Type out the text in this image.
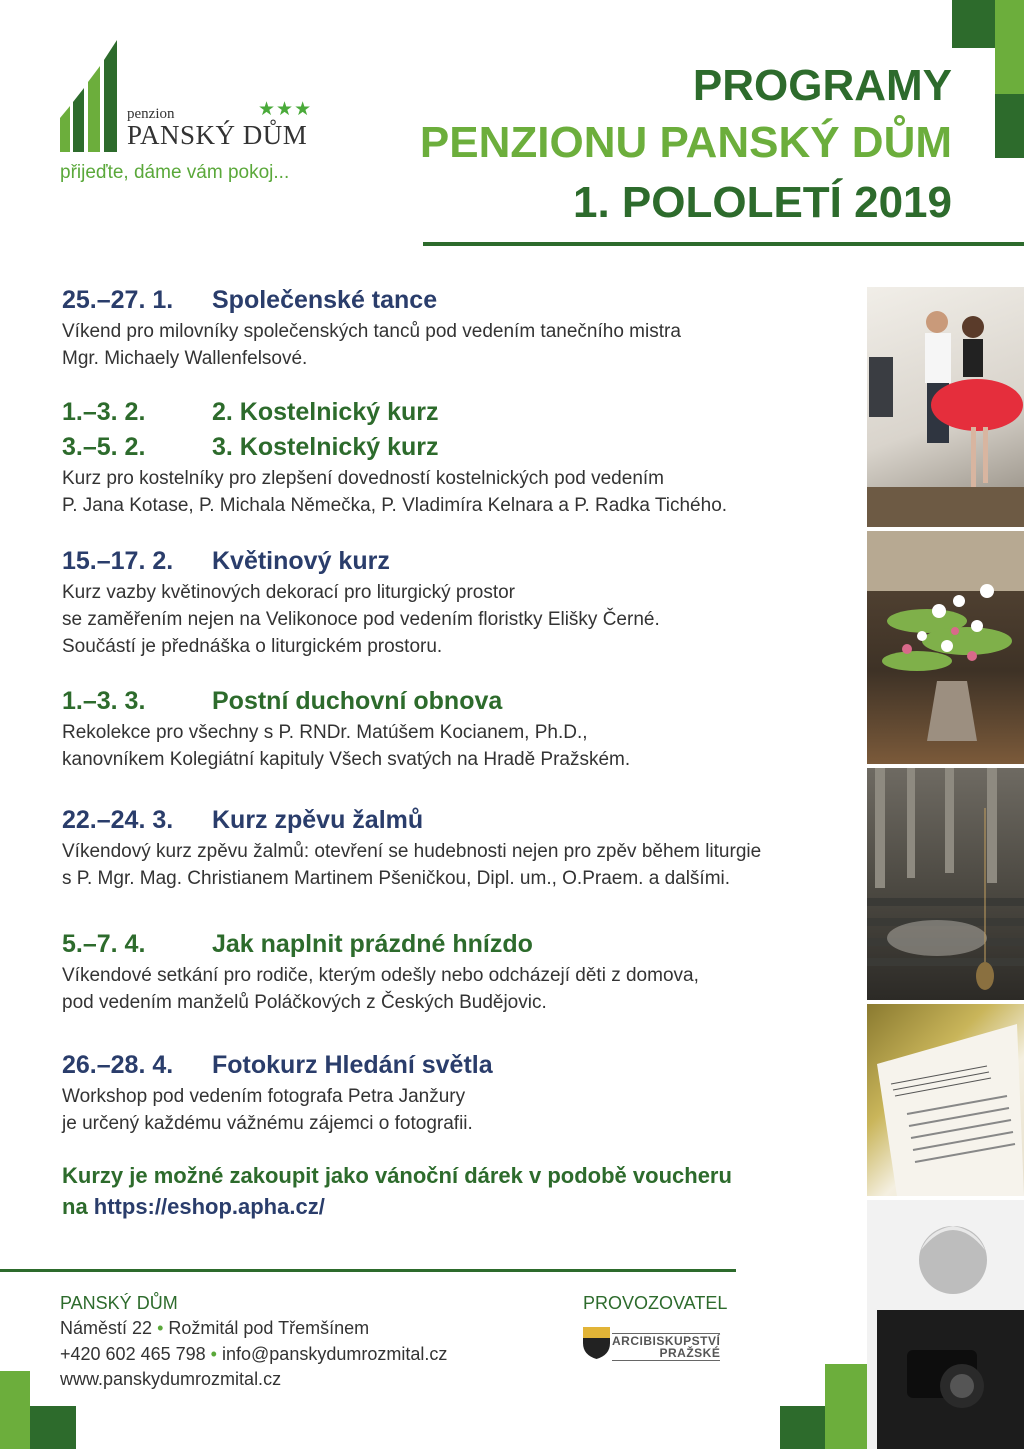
penzion
PANSKÝ DŮM
★★★
přijeďte, dáme vám pokoj...
PROGRAMY
PENZIONU PANSKÝ DŮM
1. POLOLETÍ 2019
25.–27. 1.	Společenské tance
Víkend pro milovníky společenských tanců pod vedením tanečního mistra
Mgr. Michaely Wallenfelsové.
1.–3. 2.	2. Kostelnický kurz
3.–5. 2.	3. Kostelnický kurz
Kurz pro kostelníky pro zlepšení dovedností kostelnických pod vedením
P. Jana Kotase, P. Michala Němečka, P. Vladimíra Kelnara a P. Radka Tichého.
15.–17. 2.	Květinový kurz
Kurz vazby květinových dekorací pro liturgický prostor
se zaměřením nejen na Velikonoce pod vedením floristky Elišky Černé.
Součástí je přednáška o liturgickém prostoru.
1.–3. 3.	Postní duchovní obnova
Rekolekce pro všechny s P. RNDr. Matúšem Kocianem, Ph.D.,
kanovníkem Kolegiátní kapituly Všech svatých na Hradě Pražském.
22.–24. 3.	Kurz zpěvu žalmů
Víkendový kurz zpěvu žalmů: otevření se hudebnosti nejen pro zpěv během liturgie
s P. Mgr. Mag. Christianem Martinem Pšeničkou, Dipl. um., O.Praem. a dalšími.
5.–7. 4.	Jak naplnit prázdné hnízdo
Víkendové setkání pro rodiče, kterým odešly nebo odcházejí děti z domova,
pod vedením manželů Poláčkových z Českých Budějovic.
26.–28. 4.	Fotokurz Hledání světla
Workshop pod vedením fotografa Petra Janžury
je určený každému vážnému zájemci o fotografii.
Kurzy je možné zakoupit jako vánoční dárek v podobě voucheru
na https://eshop.apha.cz/
PANSKÝ DŮM
Náměstí 22 • Rožmitál pod Třemšínem
+420 602 465 798 • info@panskydumrozmital.cz
www.panskydumrozmital.cz
PROVOZOVATEL
ARCIBISKUPSTVÍ
PRAŽSKÉ
